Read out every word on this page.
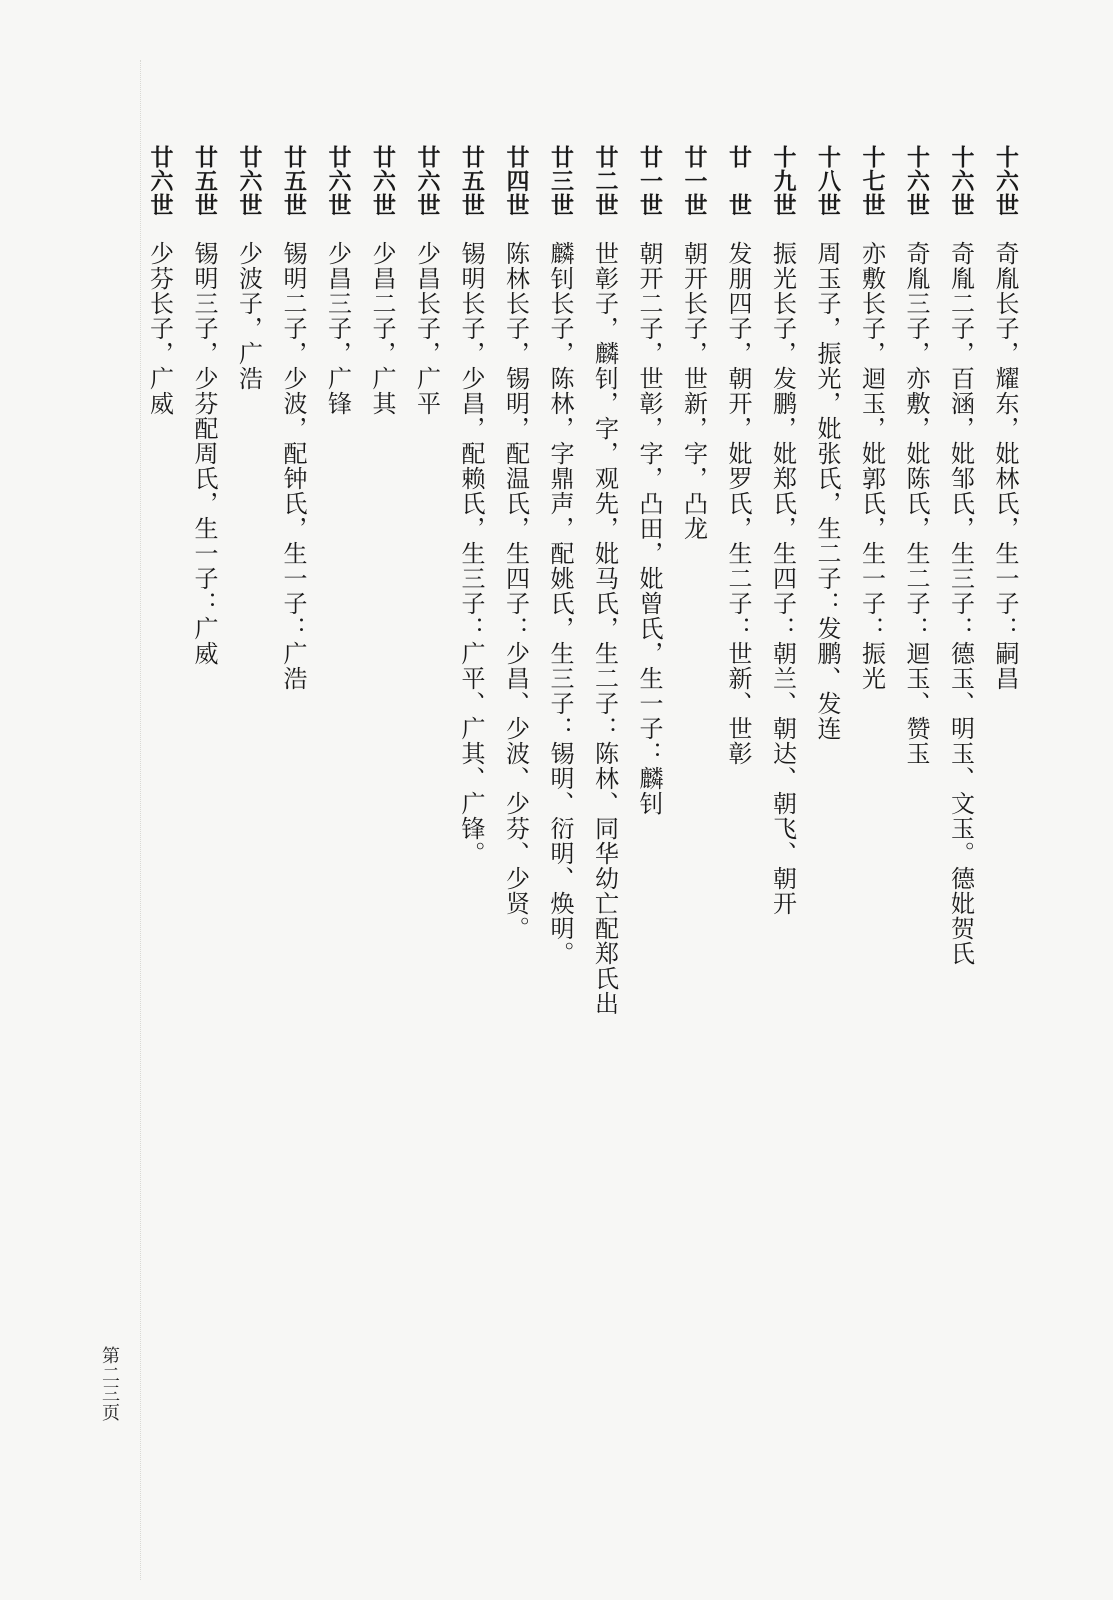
十六世奇胤长子，耀东，妣林氏，生一子：嗣昌
十六世奇胤二子，百涵，妣邹氏，生三子：德玉、明玉、文玉。德妣贺氏
十六世奇胤三子，亦敷，妣陈氏，生二子：迴玉、赞玉
十七世亦敷长子，迴玉，妣郭氏，生一子：振光
十八世周玉子，振光，妣张氏，生二子：发鹏、发连
十九世振光长子，发鹏，妣郑氏，生四子：朝兰、朝达、朝飞、朝开
廿　世发朋四子，朝开，妣罗氏，生二子：世新、世彰
廿一世朝开长子，世新，字，凸龙
廿一世朝开二子，世彰，字，凸田，妣曾氏，生一子：麟钊
廿二世世彰子，麟钊，字，观先，妣马氏，生二子：陈林、同华幼亡配郑氏出
廿三世麟钊长子，陈林，字鼎声，配姚氏，生三子：锡明、衍明、焕明。
廿四世陈林长子，锡明，配温氏，生四子：少昌、少波、少芬、少贤。
廿五世锡明长子，少昌，配赖氏，生三子：广平、广其、广锋。
廿六世少昌长子，广平
廿六世少昌二子，广其
廿六世少昌三子，广锋
廿五世锡明二子，少波，配钟氏，生一子：广浩
廿六世少波子，广浩
廿五世锡明三子，少芬配周氏，生一子：广威
廿六世少芬长子，广威
第二三页
